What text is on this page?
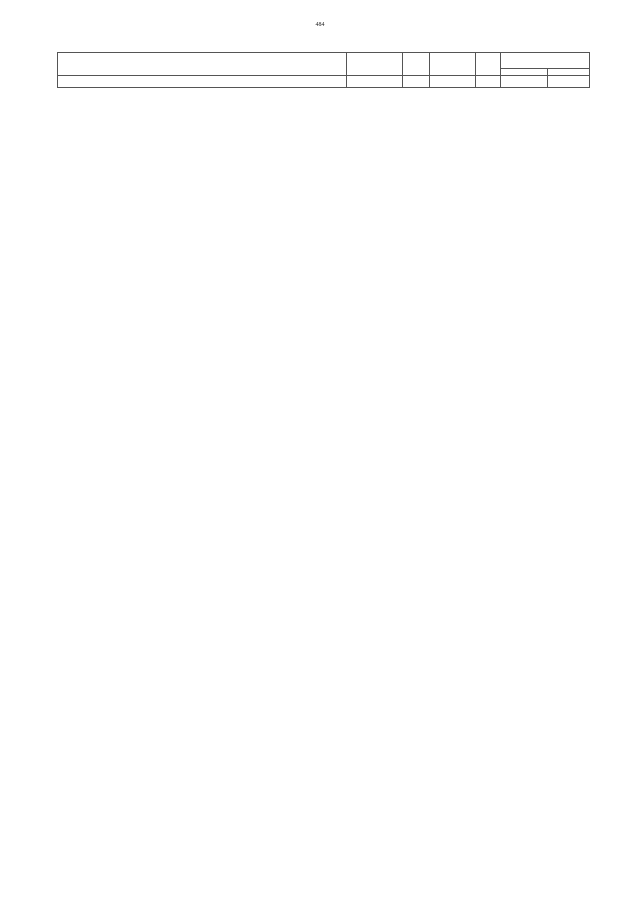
484
